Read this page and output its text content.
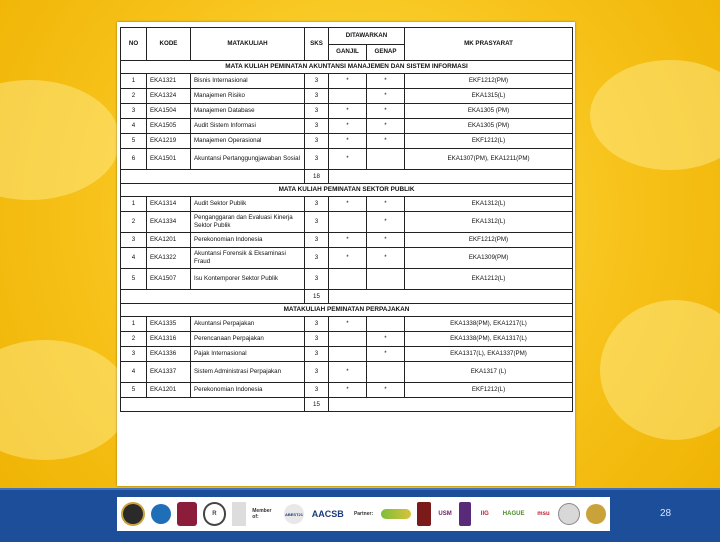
NO	KODE	MATAKULIAH	SKS	DITAWARKAN		MK PRASYARAT
				GANJIL	GENAP	
MATA KULIAH PEMINATAN AKUNTANSI MANAJEMEN DAN SISTEM INFORMASI						
1	EKA1321	Bisnis Internasional	3	*	*	EKF1212(PM)
2	EKA1324	Manajemen Risiko	3		*	EKA1315(L)
3	EKA1504	Manajemen Database	3	*	*	EKA1305 (PM)
4	EKA1505	Audit Sistem Informasi	3	*	*	EKA1305 (PM)
5	EKA1219	Manajemen Operasional	3	*	*	EKF1212(L)
6	EKA1501	Akuntansi Pertanggungjawaban Sosial	3	*		EKA1307(PM), EKA1211(PM)
			18			
MATA KULIAH PEMINATAN SEKTOR PUBLIK						
1	EKA1314	Audit Sektor Publik	3	*	*	EKA1312(L)
2	EKA1334	Penganggaran dan Evaluasi Kinerja Sektor Publik	3		*	EKA1312(L)
3	EKA1201	Perekonomian Indonesia	3	*	*	EKF1212(PM)
4	EKA1322	Akuntansi Forensik & Eksaminasi Fraud	3	*	*	EKA1309(PM)
5	EKA1507	Isu Kontemporer Sektor Publik	3			EKA1212(L)
			15			
MATAKULIAH PEMINATAN PERPAJAKAN						
1	EKA1335	Akuntansi Perpajakan	3	*		EKA1338(PM), EKA1217(L)
2	EKA1316	Perencanaan Perpajakan	3		*	EKA1338(PM), EKA1317(L)
3	EKA1336	Pajak Internasional	3		*	EKA1317(L), EKA1337(PM)
4	EKA1337	Sistem Administrasi Perpajakan	3	*		EKA1317 (L)
5	EKA1201	Perekonomian Indonesia	3	*	*	EKF1212(L)
			15			
R	Member of:	ABEST21 AACSB	Partner:	USM	IIG	HAGUE	msu	28
